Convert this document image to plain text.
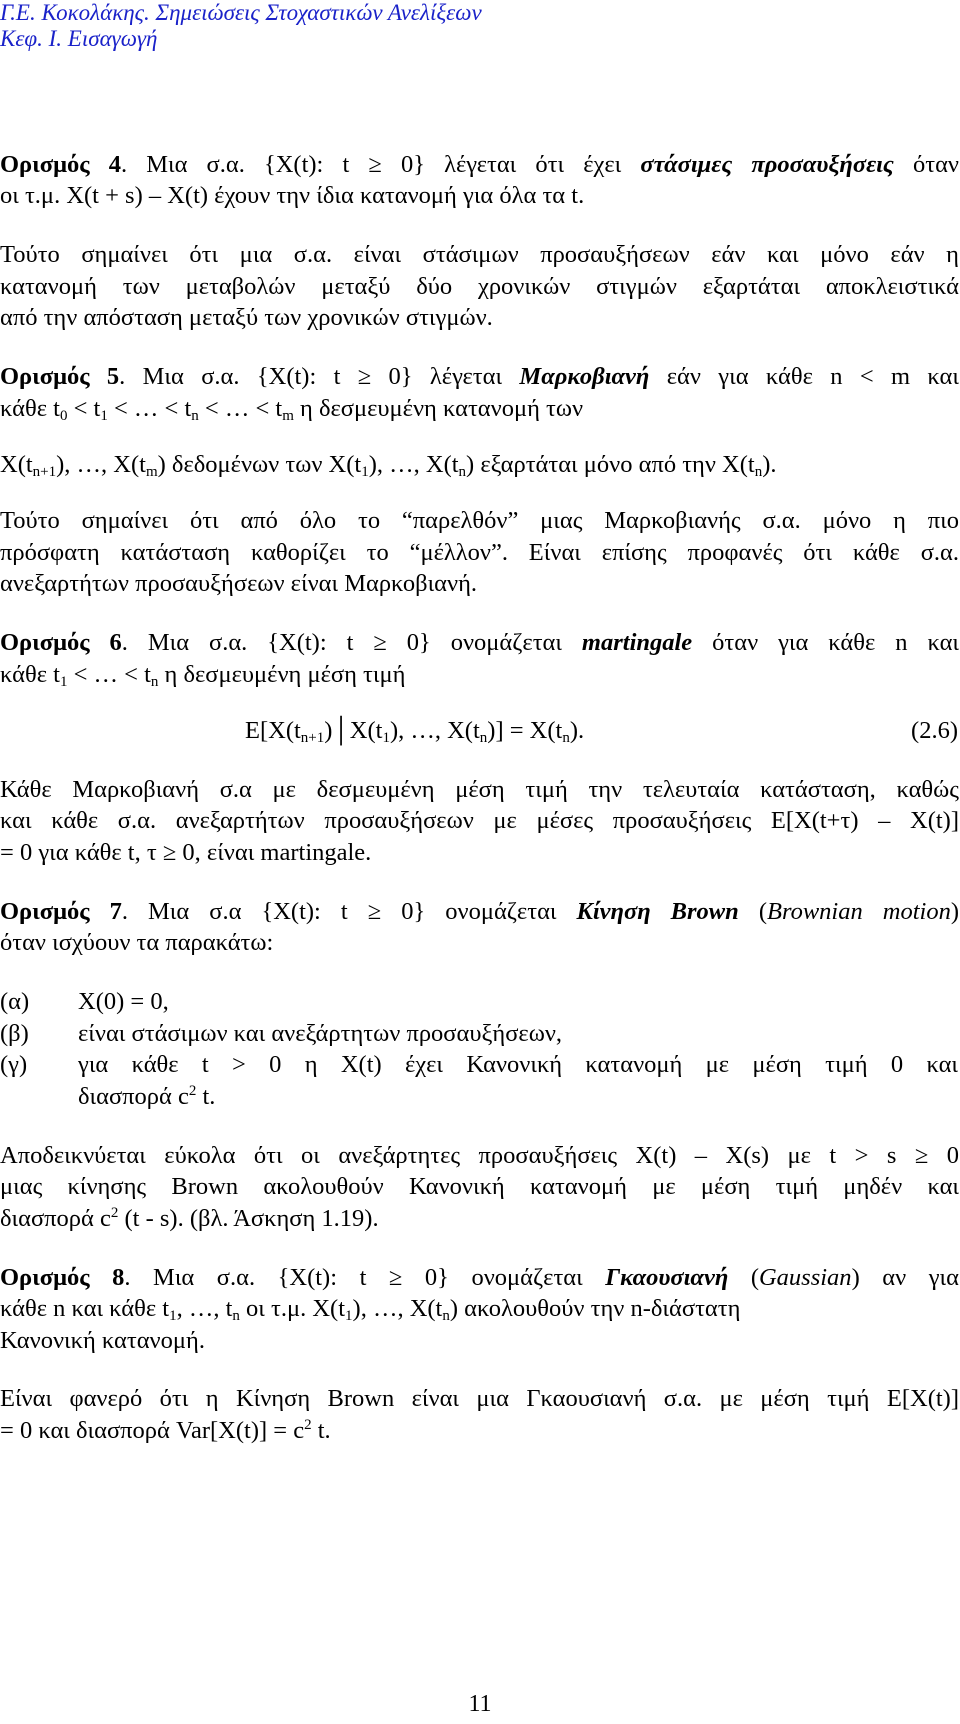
Γ.Ε. Κοκολάκης. Σημειώσεις Στοχαστικών Ανελίξεων
Κεφ. Ι. Εισαγωγή
Ορισμός 4. Μια σ.α. {X(t): t ≥ 0} λέγεται ότι έχει στάσιμες προσαυξήσεις όταν
οι τ.μ. X(t + s) – X(t) έχουν την ίδια κατανομή για όλα τα t.
Τούτο σημαίνει ότι μια σ.α. είναι στάσιμων προσαυξήσεων εάν και μόνο εάν η
κατανομή των μεταβολών μεταξύ δύο χρονικών στιγμών εξαρτάται αποκλειστικά
από την απόσταση μεταξύ των χρονικών στιγμών.
Ορισμός 5. Μια σ.α. {X(t): t ≥ 0} λέγεται Μαρκοβιανή εάν για κάθε n < m και
κάθε $t_0 < t_1$ < … < $t_n$ < … < $t_m$ η δεσμευμένη κατανομή των
$X(t_{n+1})$, …, $X(t_m)$ δεδομένων των $X(t_1)$, …, $X(t_n)$ εξαρτάται μόνο από την $X(t_n)$.
Τούτο σημαίνει ότι από όλο το “παρελθόν” μιας Μαρκοβιανής σ.α. μόνο η πιο
πρόσφατη κατάσταση καθορίζει το “μέλλον”. Είναι επίσης προφανές ότι κάθε σ.α.
ανεξαρτήτων προσαυξήσεων είναι Μαρκοβιανή.
Ορισμός 6. Μια σ.α. {X(t): t ≥ 0} ονομάζεται martingale όταν για κάθε n και
κάθε $t_1$ < … < $t_n$ η δεσμευμένη μέση τιμή
$E[X(t_{n+1})│X(t_1)$, …, $X(t_n)] = X(t_n)$.	(2.6)
Κάθε Μαρκοβιανή σ.α με δεσμευμένη μέση τιμή την τελευταία κατάσταση, καθώς
και κάθε σ.α. ανεξαρτήτων προσαυξήσεων με μέσες προσαυξήσεις E[X(t+τ) – X(t)]
= 0 για κάθε t, τ ≥ 0, είναι martingale.
Ορισμός 7. Μια σ.α {X(t): t ≥ 0} ονομάζεται Κίνηση Brown (Brownian motion)
όταν ισχύουν τα παρακάτω:
(α) X(0) = 0,
(β) είναι στάσιμων και ανεξάρτητων προσαυξήσεων,
(γ) για κάθε t > 0 η X(t) έχει Κανονική κατανομή με μέση τιμή 0 και
διασπορά $c^2$ t.
Αποδεικνύεται εύκολα ότι οι ανεξάρτητες προσαυξήσεις X(t) – X(s) με t > s ≥ 0
μιας κίνησης Brown ακολουθούν Κανονική κατανομή με μέση τιμή μηδέν και
διασπορά $c^2$ (t - s). (βλ. Άσκηση 1.19).
Ορισμός 8. Μια σ.α. {X(t): t ≥ 0} ονομάζεται Γκαουσιανή (Gaussian) αν για
κάθε n και κάθε $t_1$, …, $t_n$ οι τ.μ. $X(t_1)$, …, $X(t_n)$ ακολουθούν την n-διάστατη
Κανονική κατανομή.
Είναι φανερό ότι η Κίνηση Brown είναι μια Γκαουσιανή σ.α. με μέση τιμή E[X(t)]
= 0 και διασπορά $Var[X(t)] = c^2$ t.
11
